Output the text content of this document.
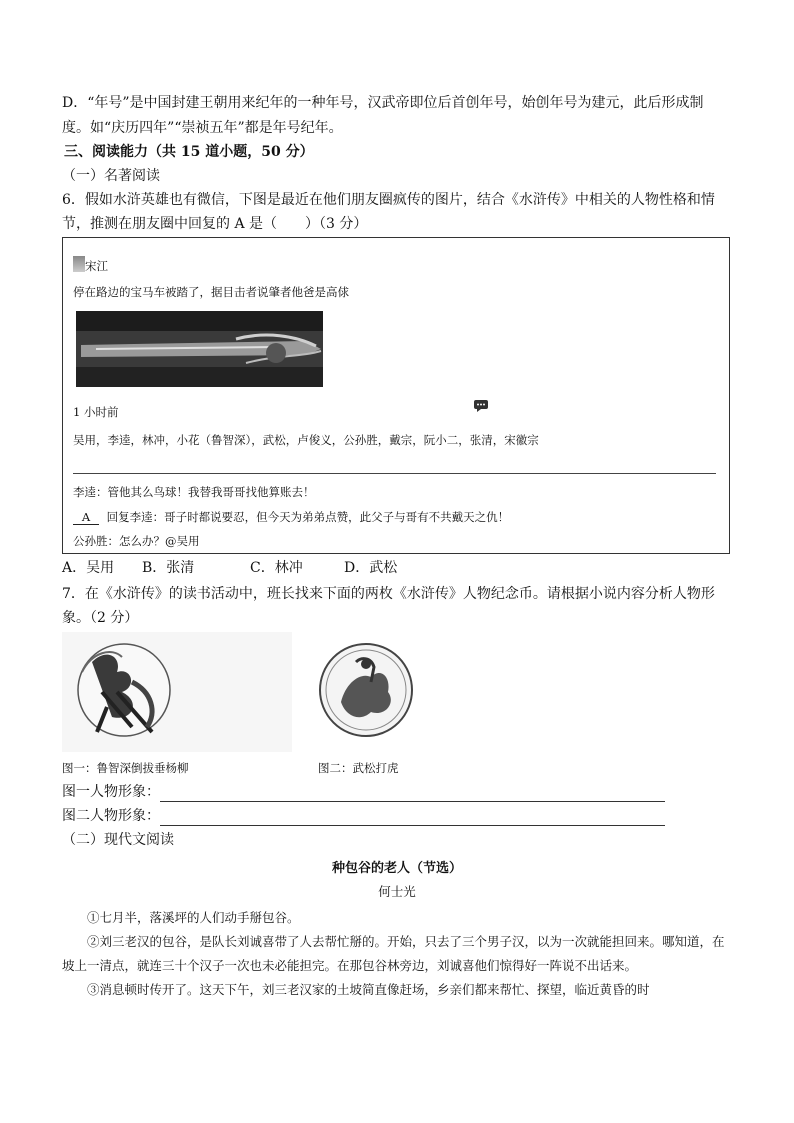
D．“年号”是中国封建王朝用来纪年的一种年号，汉武帝即位后首创年号，始创年号为建元，此后形成制
度。如“庆历四年”“崇祯五年”都是年号纪年。
三、阅读能力（共 15 道小题，50 分）
（一）名著阅读
6．假如水浒英雄也有微信，下图是最近在他们朋友圈疯传的图片，结合《水浒传》中相关的人物性格和情
节，推测在朋友圈中回复的 A 是（　　）（3 分）
宋江
停在路边的宝马车被踏了，据目击者说肇者他爸是高俅
1 小时前
吴用，李逵，林冲，小花（鲁智深），武松，卢俊义，公孙胜，戴宗，阮小二，张清，宋徽宗
李逵：管他其么鸟球！我替我哥哥找他算账去！
A 回复李逵：哥子时都说要忍，但今天为弟弟点赞，此父子与哥有不共戴天之仇！
公孙胜：怎么办？@吴用
A．吴用 B．张清	C．林冲	D．武松
7．在《水浒传》的读书活动中，班长找来下面的两枚《水浒传》人物纪念币。请根据小说内容分析人物形
象。（2 分）
图一：鲁智深倒拔垂杨柳	图二：武松打虎
图一人物形象：
图二人物形象：
（二）现代文阅读
种包谷的老人（节选）
何士光

①七月半，落溪坪的人们动手掰包谷。

②刘三老汉的包谷，是队长刘诚喜带了人去帮忙掰的。开始，只去了三个男子汉，以为一次就能担回来。哪知道，在坡上一清点，就连三十个汉子一次也未必能担完。在那包谷林旁边，刘诚喜他们惊得好一阵说不出话来。

③消息顿时传开了。这天下午，刘三老汉家的土坡简直像赶场，乡亲们都来帮忙、探望，临近黄昏的时
